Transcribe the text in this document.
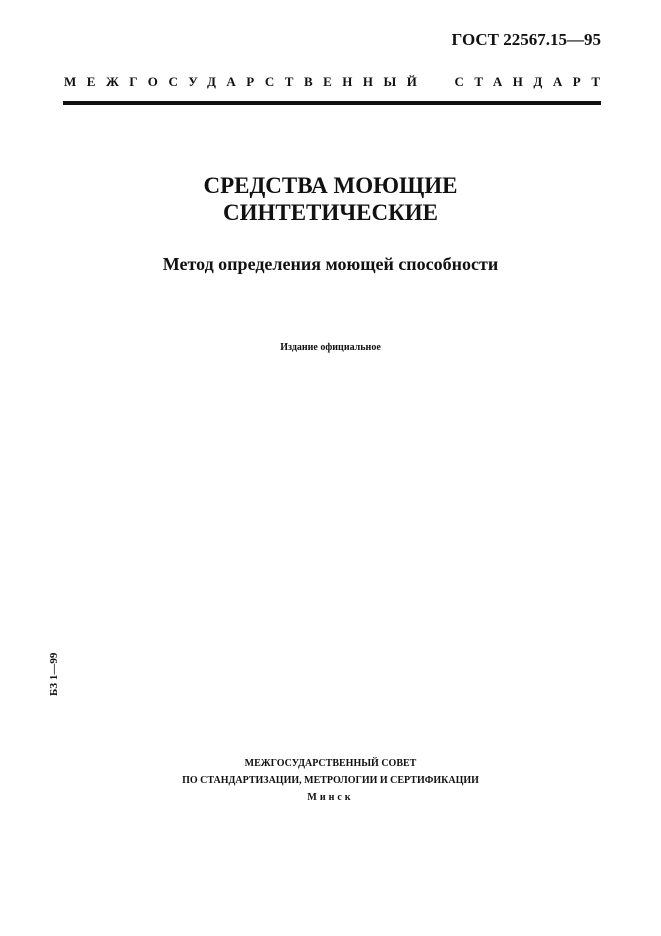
ГОСТ 22567.15—95
МЕЖГОСУДАРСТВЕННЫЙ СТАНДАРТ
СРЕДСТВА МОЮЩИЕ
СИНТЕТИЧЕСКИЕ
Метод определения моющей способности
Издание официальное
БЗ 1—99
МЕЖГОСУДАРСТВЕННЫЙ СОВЕТ
ПО СТАНДАРТИЗАЦИИ, МЕТРОЛОГИИ И СЕРТИФИКАЦИИ
Минск
